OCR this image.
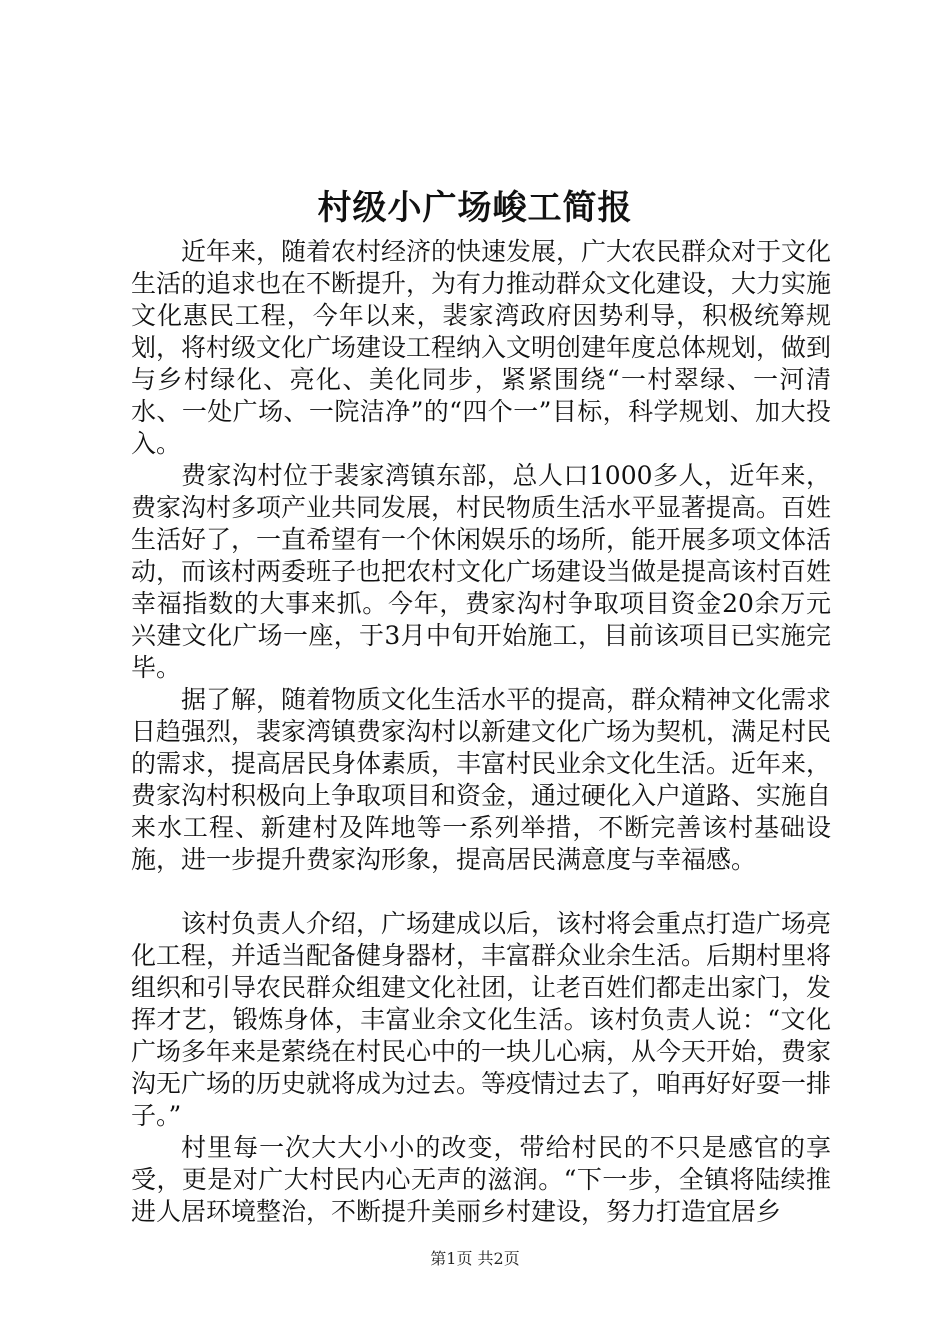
村级小广场峻工简报

近年来，随着农村经济的快速发展，广大农民群众对于文化生活的追求也在不断提升，为有力推动群众文化建设，大力实施文化惠民工程，今年以来，裴家湾政府因势利导，积极统筹规划，将村级文化广场建设工程纳入文明创建年度总体规划，做到与乡村绿化、亮化、美化同步，紧紧围绕“一村翠绿、一河清水、一处广场、一院洁净”的“四个一”目标，科学规划、加大投入。

费家沟村位于裴家湾镇东部，总人口1000多人，近年来，费家沟村多项产业共同发展，村民物质生活水平显著提高。百姓生活好了，一直希望有一个休闲娱乐的场所，能开展多项文体活动，而该村两委班子也把农村文化广场建设当做是提高该村百姓幸福指数的大事来抓。今年，费家沟村争取项目资金20余万元兴建文化广场一座，于3月中旬开始施工，目前该项目已实施完毕。

据了解，随着物质文化生活水平的提高，群众精神文化需求日趋强烈，裴家湾镇费家沟村以新建文化广场为契机，满足村民的需求，提高居民身体素质，丰富村民业余文化生活。近年来，费家沟村积极向上争取项目和资金，通过硬化入户道路、实施自来水工程、新建村及阵地等一系列举措，不断完善该村基础设施，进一步提升费家沟形象，提高居民满意度与幸福感。

该村负责人介绍，广场建成以后，该村将会重点打造广场亮化工程，并适当配备健身器材，丰富群众业余生活。后期村里将组织和引导农民群众组建文化社团，让老百姓们都走出家门，发挥才艺，锻炼身体，丰富业余文化生活。该村负责人说：“文化广场多年来是萦绕在村民心中的一块儿心病，从今天开始，费家沟无广场的历史就将成为过去。等疫情过去了，咱再好好耍一排子。”

村里每一次大大小小的改变，带给村民的不只是感官的享受，更是对广大村民内心无声的滋润。“下一步，全镇将陆续推进人居环境整治，不断提升美丽乡村建设，努力打造宜居乡

第1页 共2页
